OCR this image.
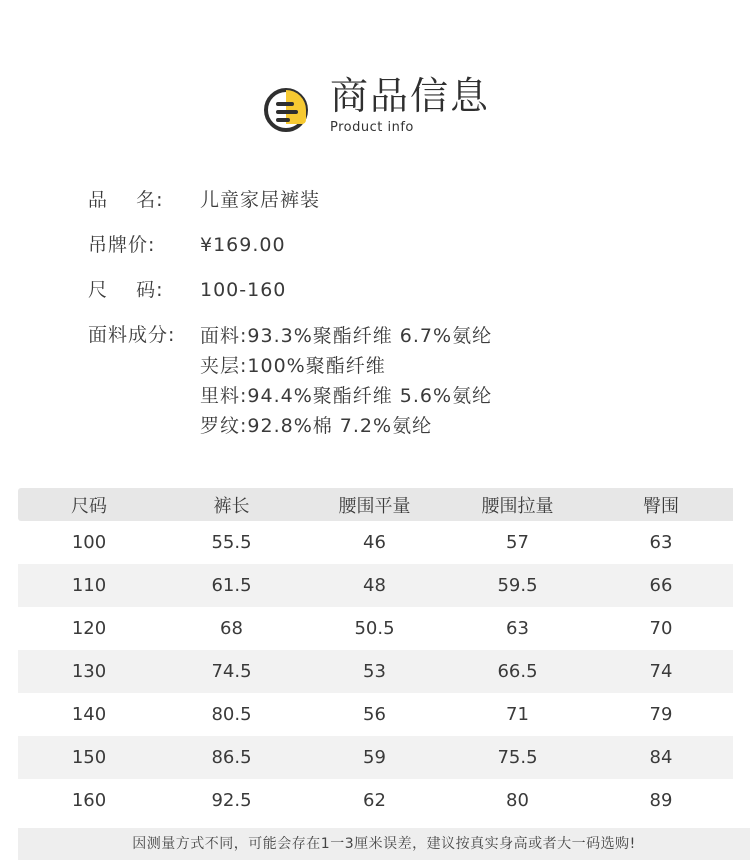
商品信息
Product info
品    名:	儿童家居裤装
吊牌价:	¥169.00
尺    码:	100-160
面料成分:	面料:93.3%聚酯纤维 6.7%氨纶
夹层:100%聚酯纤维
里料:94.4%聚酯纤维 5.6%氨纶
罗纹:92.8%棉 7.2%氨纶
尺码	裤长	腰围平量	腰围拉量	臀围
100	55.5	46	57	63
110	61.5	48	59.5	66
120	68	50.5	63	70
130	74.5	53	66.5	74
140	80.5	56	71	79
150	86.5	59	75.5	84
160	92.5	62	80	89
因测量方式不同，可能会存在1一3厘米误差，建议按真实身高或者大一码选购!
